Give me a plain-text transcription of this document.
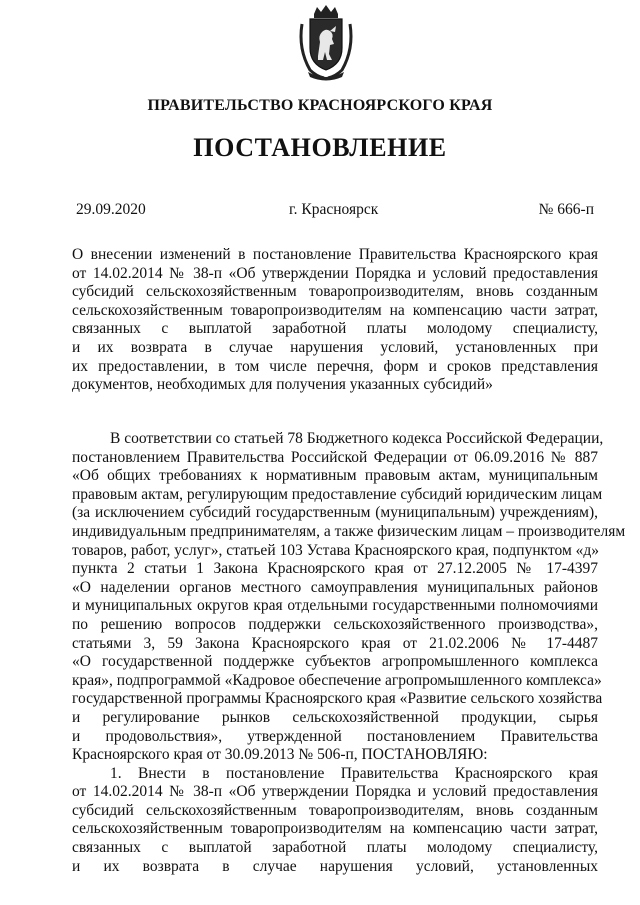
ПРАВИТЕЛЬСТВО КРАСНОЯРСКОГО КРАЯ
ПОСТАНОВЛЕНИЕ
29.09.2020	г. Красноярск	№ 666-п
О внесении изменений в постановление Правительства Красноярского края
от 14.02.2014 № 38-п «Об утверждении Порядка и условий предоставления
субсидий сельскохозяйственным товаропроизводителям, вновь созданным
сельскохозяйственным товаропроизводителям на компенсацию части затрат,
связанных с выплатой заработной платы молодому специалисту,
и их возврата в случае нарушения условий, установленных при
их предоставлении, в том числе перечня, форм и сроков представления
документов, необходимых для получения указанных субсидий»
В соответствии со статьей 78 Бюджетного кодекса Российской Федерации,
постановлением Правительства Российской Федерации от 06.09.2016 № 887
«Об общих требованиях к нормативным правовым актам, муниципальным
правовым актам, регулирующим предоставление субсидий юридическим лицам
(за исключением субсидий государственным (муниципальным) учреждениям),
индивидуальным предпринимателям, а также физическим лицам – производителям
товаров, работ, услуг», статьей 103 Устава Красноярского края, подпунктом «д»
пункта 2 статьи 1 Закона Красноярского края от 27.12.2005 № 17-4397
«О наделении органов местного самоуправления муниципальных районов
и муниципальных округов края отдельными государственными полномочиями
по решению вопросов поддержки сельскохозяйственного производства»,
статьями 3, 59 Закона Красноярского края от 21.02.2006 № 17-4487
«О государственной поддержке субъектов агропромышленного комплекса
края», подпрограммой «Кадровое обеспечение агропромышленного комплекса»
государственной программы Красноярского края «Развитие сельского хозяйства
и регулирование рынков сельскохозяйственной продукции, сырья
и продовольствия», утвержденной постановлением Правительства
Красноярского края от 30.09.2013 № 506-п, ПОСТАНОВЛЯЮ:
1. Внести в постановление Правительства Красноярского края
от 14.02.2014 № 38-п «Об утверждении Порядка и условий предоставления
субсидий сельскохозяйственным товаропроизводителям, вновь созданным
сельскохозяйственным товаропроизводителям на компенсацию части затрат,
связанных с выплатой заработной платы молодому специалисту,
и их возврата в случае нарушения условий, установленных
